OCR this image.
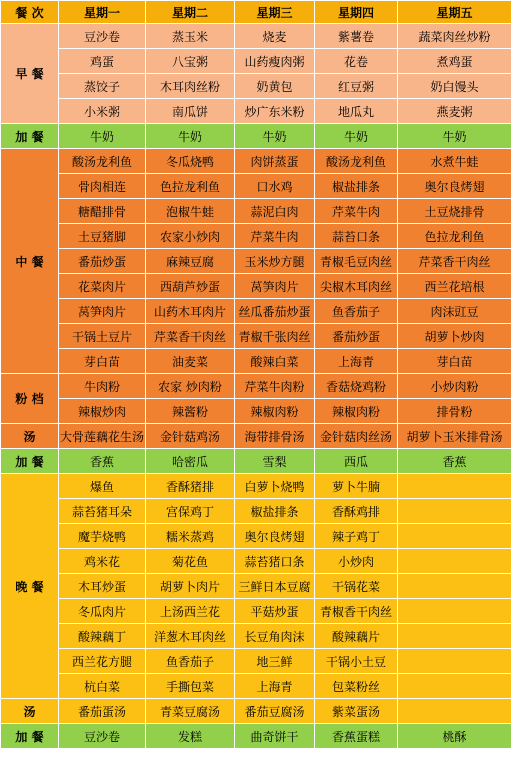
餐 次	星期一	星期二	星期三	星期四	星期五
早 餐	豆沙卷	蒸玉米	烧麦	紫薯卷	蔬菜肉丝炒粉
	鸡蛋	八宝粥	山药瘦肉粥	花卷	煮鸡蛋
	蒸饺子	木耳肉丝粉	奶黄包	红豆粥	奶白馒头
	小米粥	南瓜饼	炒广东米粉	地瓜丸	燕麦粥
加 餐	牛奶	牛奶	牛奶	牛奶	牛奶
中 餐	酸汤龙利鱼	冬瓜烧鸭	肉饼蒸蛋	酸汤龙利鱼	水煮牛蛙
	骨肉相连	色拉龙利鱼	口水鸡	椒盐排条	奥尔良烤翅
	糖醋排骨	泡椒牛蛙	蒜泥白肉	芹菜牛肉	土豆烧排骨
	土豆猪脚	农家小炒肉	芹菜牛肉	蒜苔口条	色拉龙利鱼
	番茄炒蛋	麻辣豆腐	玉米炒方腿	青椒毛豆肉丝	芹菜香干肉丝
	花菜肉片	西葫芦炒蛋	莴笋肉片	尖椒木耳肉丝	西兰花培根
	莴笋肉片	山药木耳肉片	丝瓜番茄炒蛋	鱼香茄子	肉沫豇豆
	干锅土豆片	芹菜香干肉丝	青椒千张肉丝	番茄炒蛋	胡萝卜炒肉
	芽白苗	油麦菜	酸辣白菜	上海青	芽白苗
粉 档	牛肉粉	农家 炒肉粉	芹菜牛肉粉	香菇烧鸡粉	小炒肉粉
	辣椒炒肉	辣酱粉	辣椒肉粉	辣椒肉粉	排骨粉
汤	大骨莲藕花生汤	金针菇鸡汤	海带排骨汤	金针菇肉丝汤	胡萝卜玉米排骨汤
加 餐	香蕉	哈密瓜	雪梨	西瓜	香蕉
晚 餐	爆鱼	香酥猪排	白萝卜烧鸭	萝卜牛腩	
	蒜苔猪耳朵	宫保鸡丁	椒盐排条	香酥鸡排	
	魔芋烧鸭	糯米蒸鸡	奥尔良烤翅	辣子鸡丁	
	鸡米花	菊花鱼	蒜苔猪口条	小炒肉	
	木耳炒蛋	胡萝卜肉片	三鲜日本豆腐	干锅花菜	
	冬瓜肉片	上汤西兰花	平菇炒蛋	青椒香干肉丝	
	酸辣藕丁	洋葱木耳肉丝	长豆角肉沫	酸辣藕片	
	西兰花方腿	鱼香茄子	地三鲜	干锅小土豆	
	杭白菜	手撕包菜	上海青	包菜粉丝	
汤	番茄蛋汤	青菜豆腐汤	番茄豆腐汤	紫菜蛋汤	
加 餐	豆沙卷	发糕	曲奇饼干	香蕉蛋糕	桃酥
